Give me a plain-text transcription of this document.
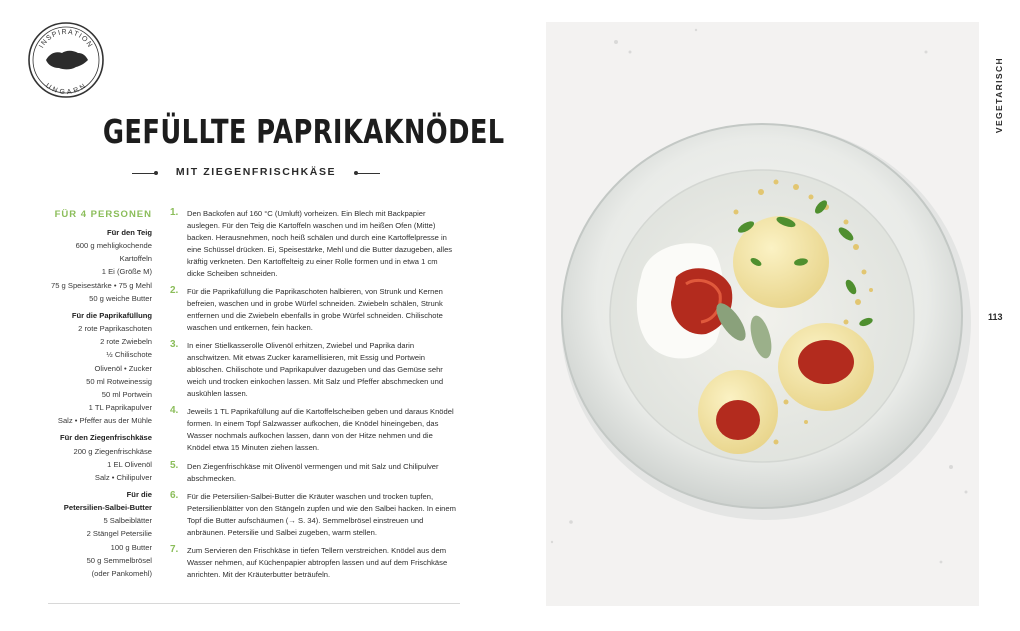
INSPIRATION
UNGARN
GEFÜLLTE PAPRIKAKNÖDEL
MIT ZIEGENFRISCHKÄSE
FÜR 4 PERSONEN
Für den Teig
600 g mehligkochende
Kartoffeln
1 Ei (Größe M)
75 g Speisestärke • 75 g Mehl
50 g weiche Butter
Für die Paprikafüllung
2 rote Paprikaschoten
2 rote Zwiebeln
½ Chilischote
Olivenöl • Zucker
50 ml Rotweinessig
50 ml Portwein
1 TL Paprikapulver
Salz • Pfeffer aus der Mühle
Für den Ziegenfrischkäse
200 g Ziegenfrischkäse
1 EL Olivenöl
Salz • Chilipulver
Für die
Petersilien-Salbei-Butter
5 Salbeiblätter
2 Stängel Petersilie
100 g Butter
50 g Semmelbrösel
(oder Pankomehl)
1. Den Backofen auf 160 °C (Umluft) vorheizen. Ein Blech mit Backpapier auslegen. Für den Teig die Kartoffeln waschen und im heißen Ofen (Mitte) backen. Herausnehmen, noch heiß schälen und durch eine Kartoffelpresse in eine Schüssel drücken. Ei, Speisestärke, Mehl und die Butter dazugeben, alles kräftig verkneten. Den Kartoffelteig zu einer Rolle formen und in etwa 1 cm dicke Scheiben schneiden.
2. Für die Paprikafüllung die Paprikaschoten halbieren, von Strunk und Kernen befreien, waschen und in grobe Würfel schneiden. Zwiebeln schälen, Strunk entfernen und die Zwiebeln ebenfalls in grobe Würfel schneiden. Chilischote waschen und entkernen, fein hacken.
3. In einer Stielkasserolle Olivenöl erhitzen, Zwiebel und Paprika darin anschwitzen. Mit etwas Zucker karamellisieren, mit Essig und Portwein ablöschen. Chilischote und Paprikapulver dazugeben und das Gemüse sehr weich und trocken einkochen lassen. Mit Salz und Pfeffer abschmecken und auskühlen lassen.
4. Jeweils 1 TL Paprikafüllung auf die Kartoffelscheiben geben und daraus Knödel formen. In einem Topf Salzwasser aufkochen, die Knödel hineingeben, das Wasser nochmals aufkochen lassen, dann von der Hitze nehmen und die Knödel etwa 15 Minuten ziehen lassen.
5. Den Ziegenfrischkäse mit Olivenöl vermengen und mit Salz und Chilipulver abschmecken.
6. Für die Petersilien-Salbei-Butter die Kräuter waschen und trocken tupfen, Petersilienblätter von den Stängeln zupfen und wie den Salbei hacken. In einem Topf die Butter aufschäumen (→ S. 34). Semmelbrösel einstreuen und anbräunen. Petersilie und Salbei zugeben, warm stellen.
7. Zum Servieren den Frischkäse in tiefen Tellern verstreichen. Knödel aus dem Wasser nehmen, auf Küchenpapier abtropfen lassen und auf dem Frischkäse anrichten. Mit der Kräuterbutter beträufeln.
VEGETARISCH
113
